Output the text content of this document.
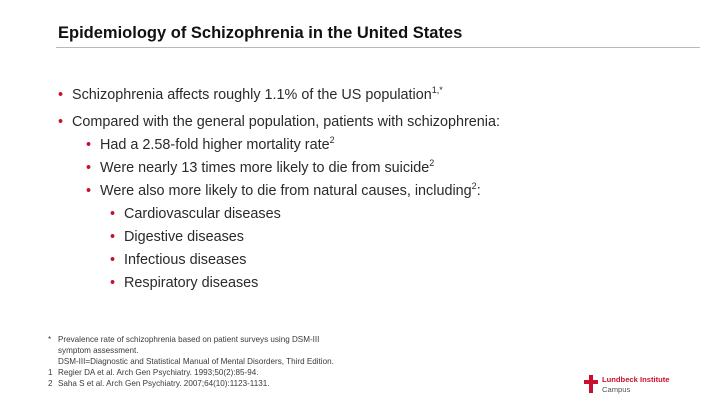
Epidemiology of Schizophrenia in the United States
• Schizophrenia affects roughly 1.1% of the US population$^{1,*}$
• Compared with the general population, patients with schizophrenia:
• Had a 2.58-fold higher mortality rate$^2$
• Were nearly 13 times more likely to die from suicide$^2$
• Were also more likely to die from natural causes, including$^2$:
• Cardiovascular diseases
• Digestive diseases
• Infectious diseases
• Respiratory diseases
* Prevalence rate of schizophrenia based on patient surveys using DSM-III
symptom assessment.
DSM-III=Diagnostic and Statistical Manual of Mental Disorders, Third Edition.
1 Regier DA et al. Arch Gen Psychiatry. 1993;50(2):85-94.
2 Saha S et al. Arch Gen Psychiatry. 2007;64(10):1123-1131.	Lundbeck Institute
Campus
